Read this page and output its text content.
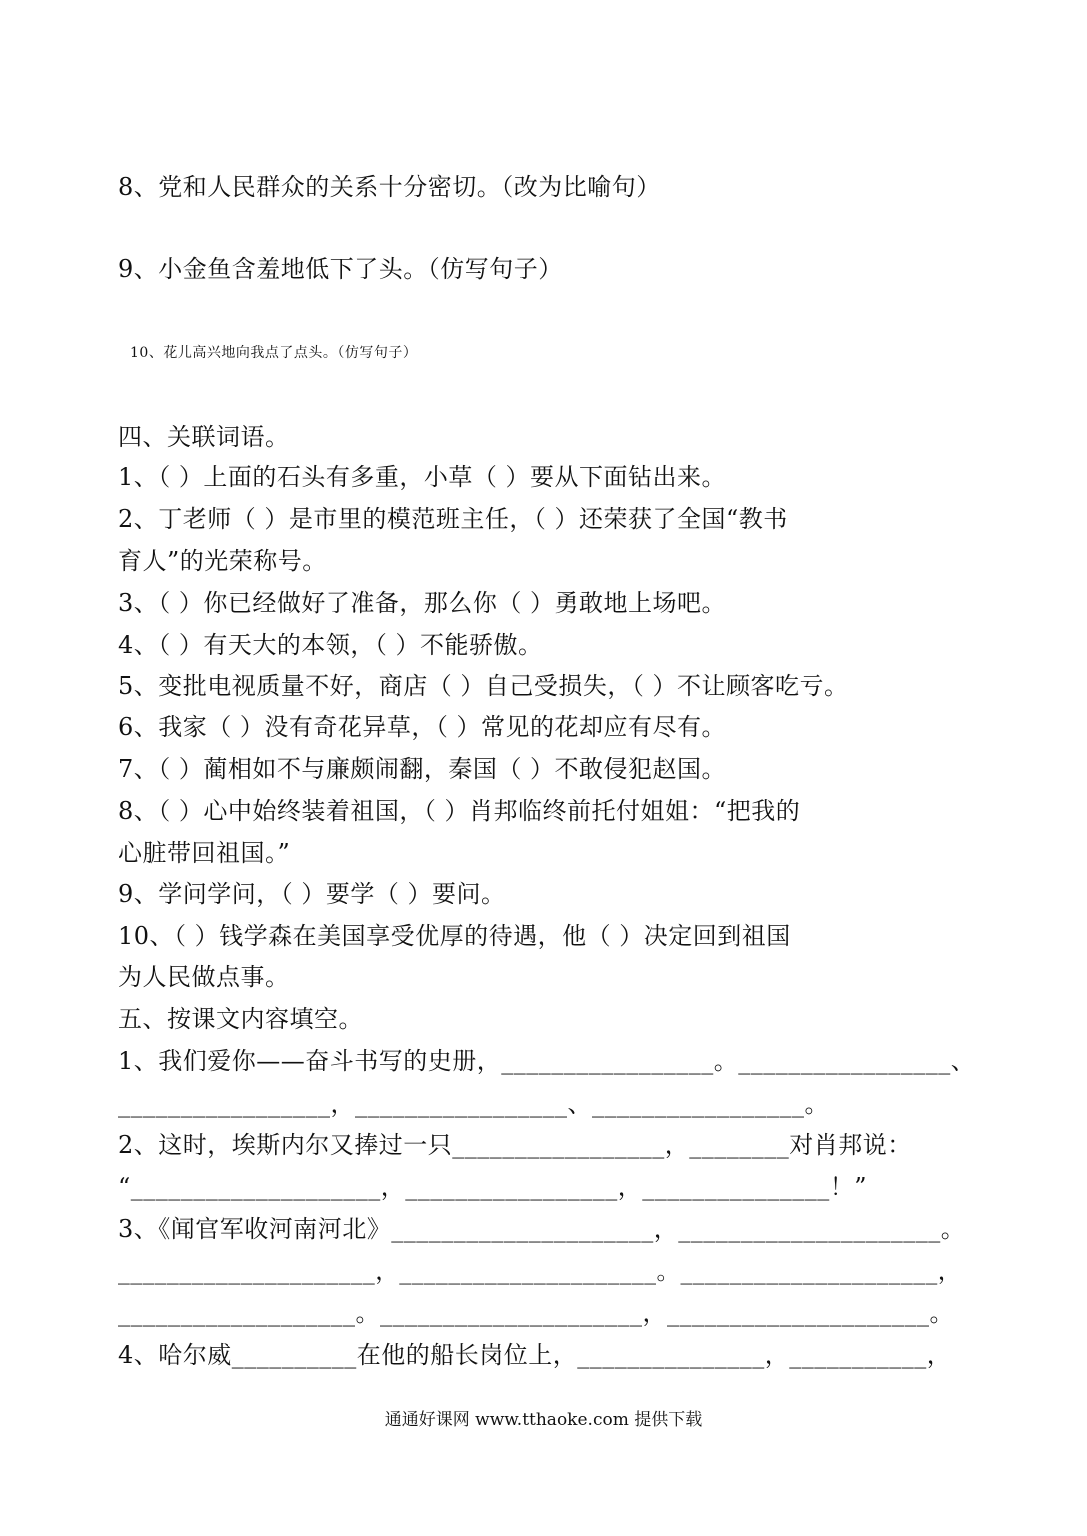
8、党和人民群众的关系十分密切。（改为比喻句）
9、小金鱼含羞地低下了头。（仿写句子）
10、花儿高兴地向我点了点头。（仿写句子）
四、关联词语。
1、（ ）上面的石头有多重，小草（ ）要从下面钻出来。
2、丁老师（ ）是市里的模范班主任，（ ）还荣获了全国“教书
育人”的光荣称号。
3、（ ）你已经做好了准备，那么你（ ）勇敢地上场吧。
4、（ ）有天大的本领，（ ）不能骄傲。
5、变批电视质量不好，商店（ ）自己受损失，（ ）不让顾客吃亏。
6、我家（ ）没有奇花异草，（ ）常见的花却应有尽有。
7、（ ）蔺相如不与廉颇闹翻，秦国（ ）不敢侵犯赵国。
8、（ ）心中始终装着祖国，（ ）肖邦临终前托付姐姐：“把我的
心脏带回祖国。”
9、学问学问，（ ）要学（ ）要问。
10、（ ）钱学森在美国享受优厚的待遇，他（ ）决定回到祖国
为人民做点事。
五、按课文内容填空。
1、我们爱你——奋斗书写的史册，_________________。_________________、
_________________，_________________、_________________。
2、这时，埃斯内尔又捧过一只_________________，________对肖邦说：
“____________________，_________________，_______________！”
3、《闻官军收河南河北》_____________________，_____________________。
_____________________，_____________________。_____________________，
___________________。_____________________，_____________________。
4、哈尔威__________在他的船长岗位上，_______________，___________，
通通好课网 www.tthaoke.com 提供下载
